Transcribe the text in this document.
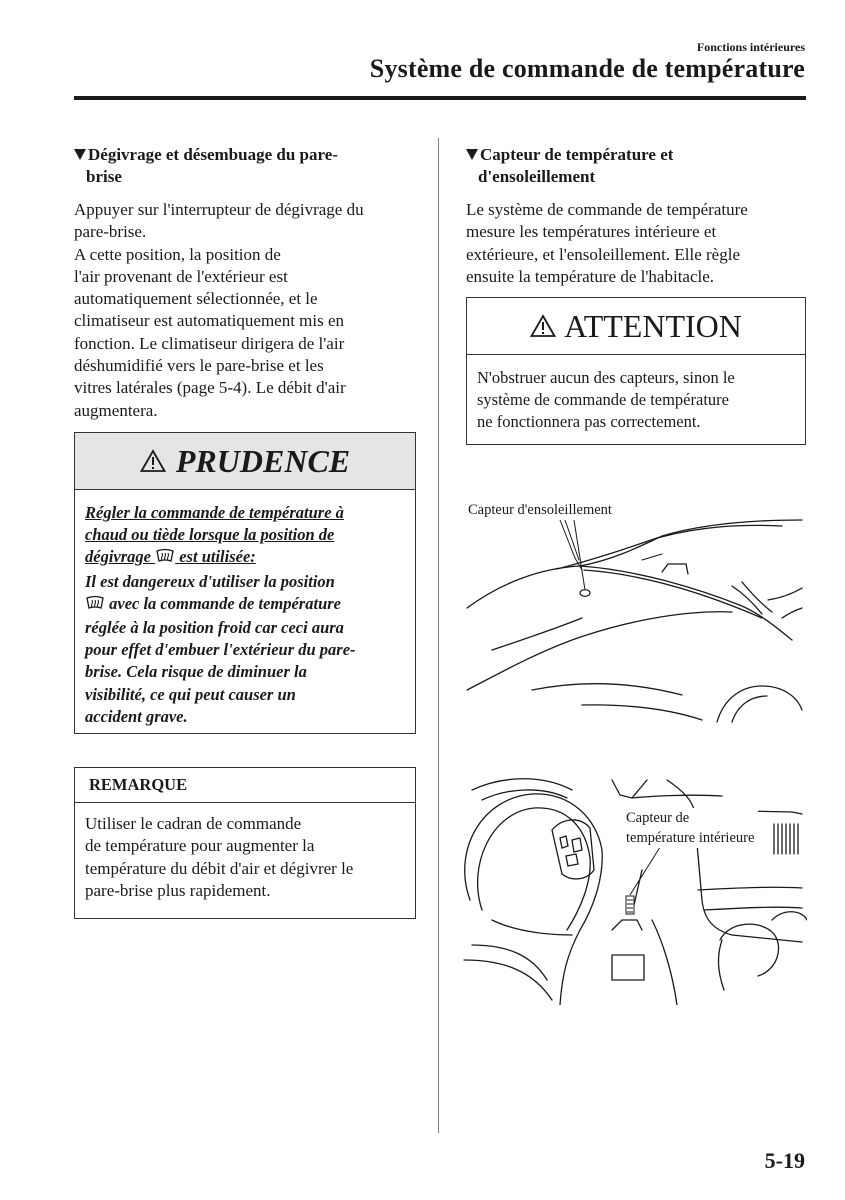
Fonctions intérieures
Système de commande de température
Dégivrage et désembuage du pare-
brise
Appuyer sur l'interrupteur de dégivrage du
pare-brise.
A cette position, la position de
l'air provenant de l'extérieur est
automatiquement sélectionnée, et le
climatiseur est automatiquement mis en
fonction. Le climatiseur dirigera de l'air
déshumidifié vers le pare-brise et les
vitres latérales (page 5-4). Le débit d'air
augmentera.
PRUDENCE
Régler la commande de température à
chaud ou tiède lorsque la position de
dégivrage est utilisée:
Il est dangereux d'utiliser la position
avec la commande de température
réglée à la position froid car ceci aura
pour effet d'embuer l'extérieur du pare-
brise. Cela risque de diminuer la
visibilité, ce qui peut causer un
accident grave.
REMARQUE
Utiliser le cadran de commande
de température pour augmenter la
température du débit d'air et dégivrer le
pare-brise plus rapidement.
Capteur de température et
d'ensoleillement
Le système de commande de température
mesure les températures intérieure et
extérieure, et l'ensoleillement. Elle règle
ensuite la température de l'habitacle.
ATTENTION
N'obstruer aucun des capteurs, sinon le
système de commande de température
ne fonctionnera pas correctement.
Capteur d'ensoleillement
Capteur de
température intérieure
5-19
